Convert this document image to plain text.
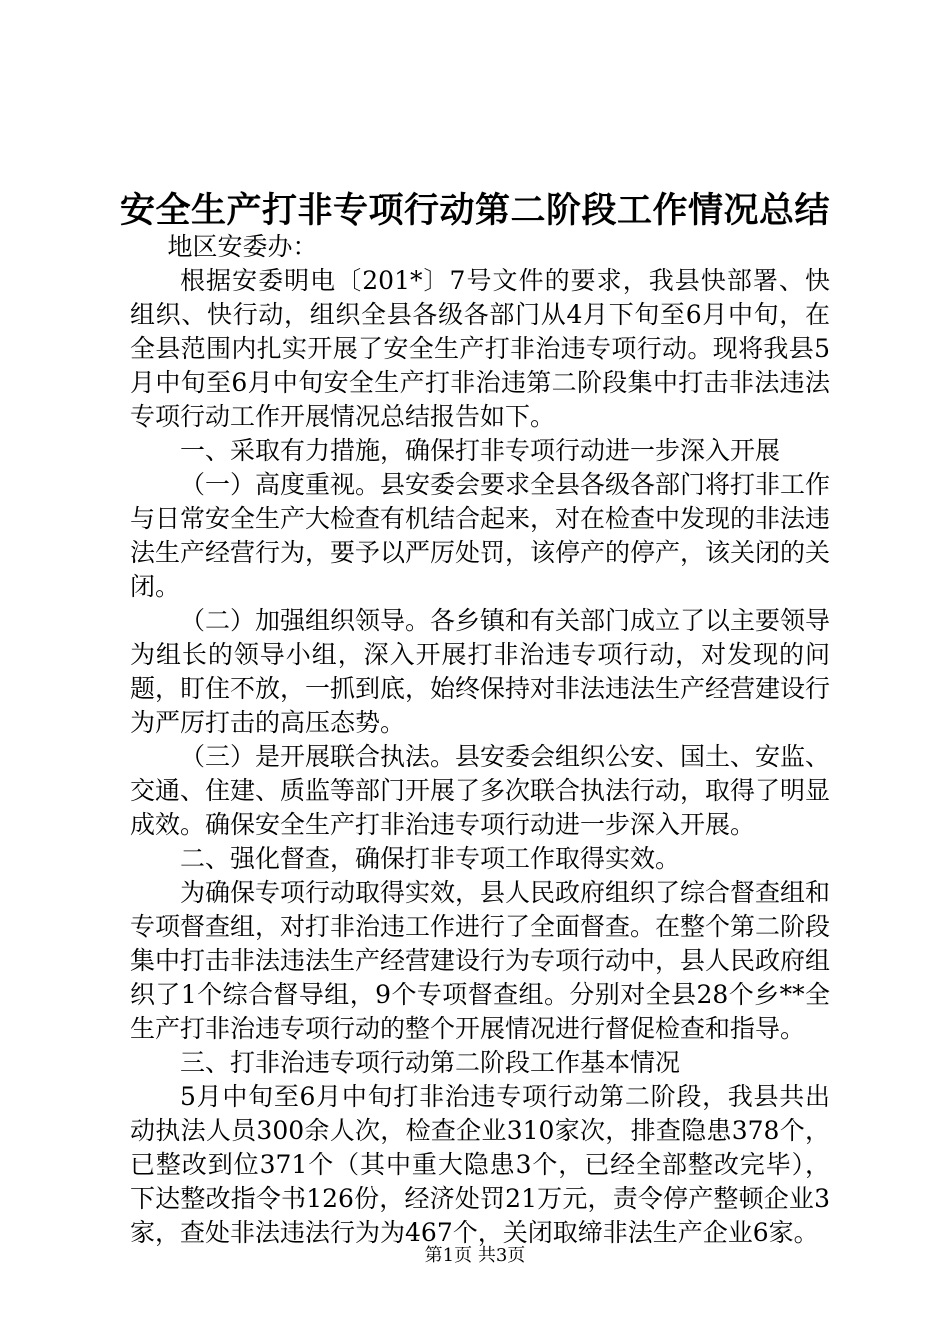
安全生产打非专项行动第二阶段工作情况总结

地区安委办：

根据安委明电〔201*〕7号文件的要求，我县快部署、快组织、快行动，组织全县各级各部门从4月下旬至6月中旬，在全县范围内扎实开展了安全生产打非治违专项行动。现将我县5月中旬至6月中旬安全生产打非治违第二阶段集中打击非法违法专项行动工作开展情况总结报告如下。

一、采取有力措施，确保打非专项行动进一步深入开展

（一）高度重视。县安委会要求全县各级各部门将打非工作与日常安全生产大检查有机结合起来，对在检查中发现的非法违法生产经营行为，要予以严厉处罚，该停产的停产，该关闭的关闭。

（二）加强组织领导。各乡镇和有关部门成立了以主要领导为组长的领导小组，深入开展打非治违专项行动，对发现的问题，盯住不放，一抓到底，始终保持对非法违法生产经营建设行为严厉打击的高压态势。

（三）是开展联合执法。县安委会组织公安、国土、安监、交通、住建、质监等部门开展了多次联合执法行动，取得了明显成效。确保安全生产打非治违专项行动进一步深入开展。

二、强化督查，确保打非专项工作取得实效。

为确保专项行动取得实效，县人民政府组织了综合督查组和专项督查组，对打非治违工作进行了全面督查。在整个第二阶段集中打击非法违法生产经营建设行为专项行动中，县人民政府组织了1个综合督导组，9个专项督查组。分别对全县28个乡**全生产打非治违专项行动的整个开展情况进行督促检查和指导。

三、打非治违专项行动第二阶段工作基本情况

5月中旬至6月中旬打非治违专项行动第二阶段，我县共出动执法人员300余人次，检查企业310家次，排查隐患378个，已整改到位371个（其中重大隐患3个，已经全部整改完毕），下达整改指令书126份，经济处罚21万元，责令停产整顿企业3家，查处非法违法行为为467个，关闭取缔非法生产企业6家。

第1页 共3页
